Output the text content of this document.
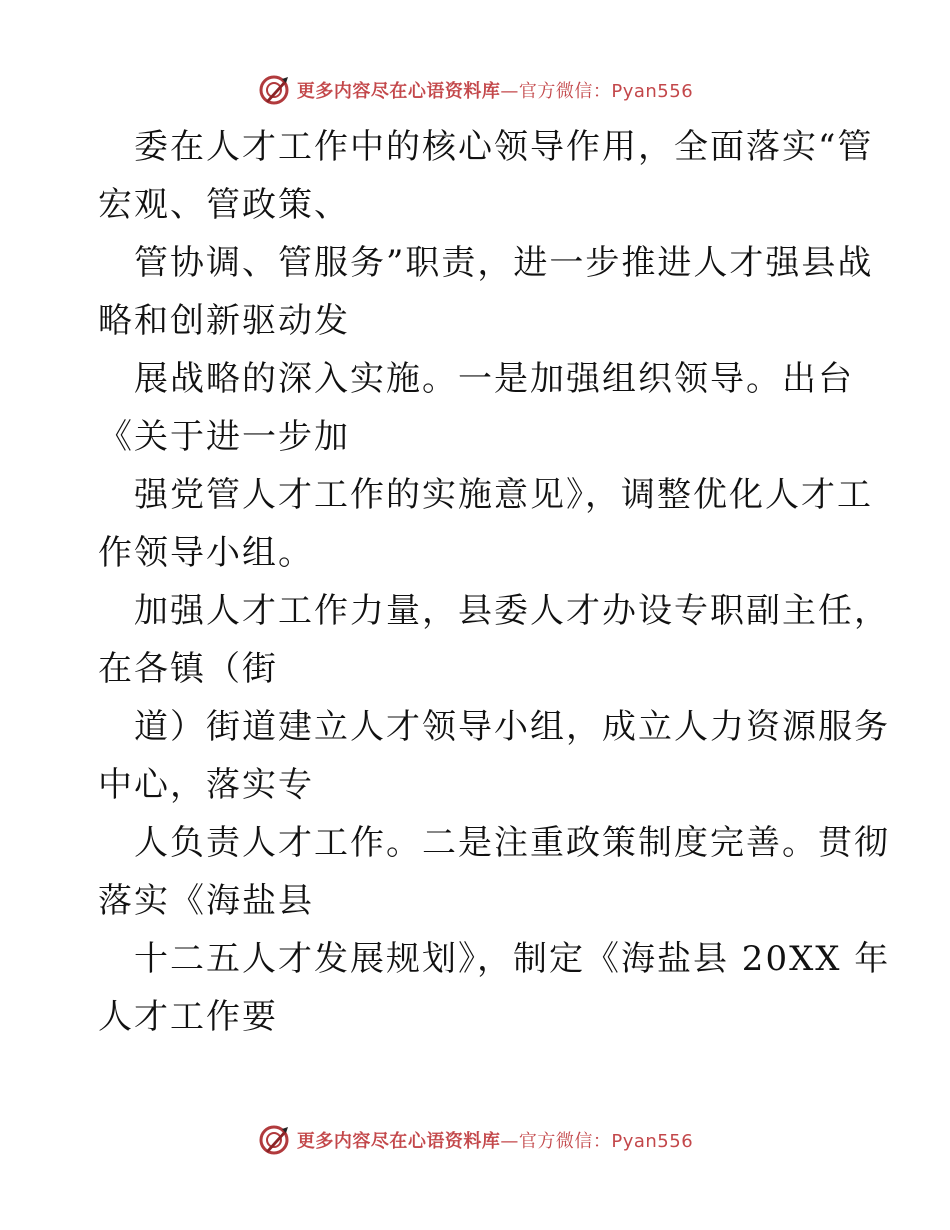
更多内容尽在心语资料库—官方微信：Pyan556
委在人才工作中的核心领导作用，全面落实“管
宏观、管政策、
管协调、管服务”职责，进一步推进人才强县战
略和创新驱动发
展战略的深入实施。一是加强组织领导。出台
《关于进一步加
强党管人才工作的实施意见》，调整优化人才工
作领导小组。
加强人才工作力量，县委人才办设专职副主任，
在各镇（街
道）街道建立人才领导小组，成立人力资源服务
中心，落实专
人负责人才工作。二是注重政策制度完善。贯彻
落实《海盐县
十二五人才发展规划》，制定《海盐县 20XX 年
人才工作要
更多内容尽在心语资料库—官方微信：Pyan556
